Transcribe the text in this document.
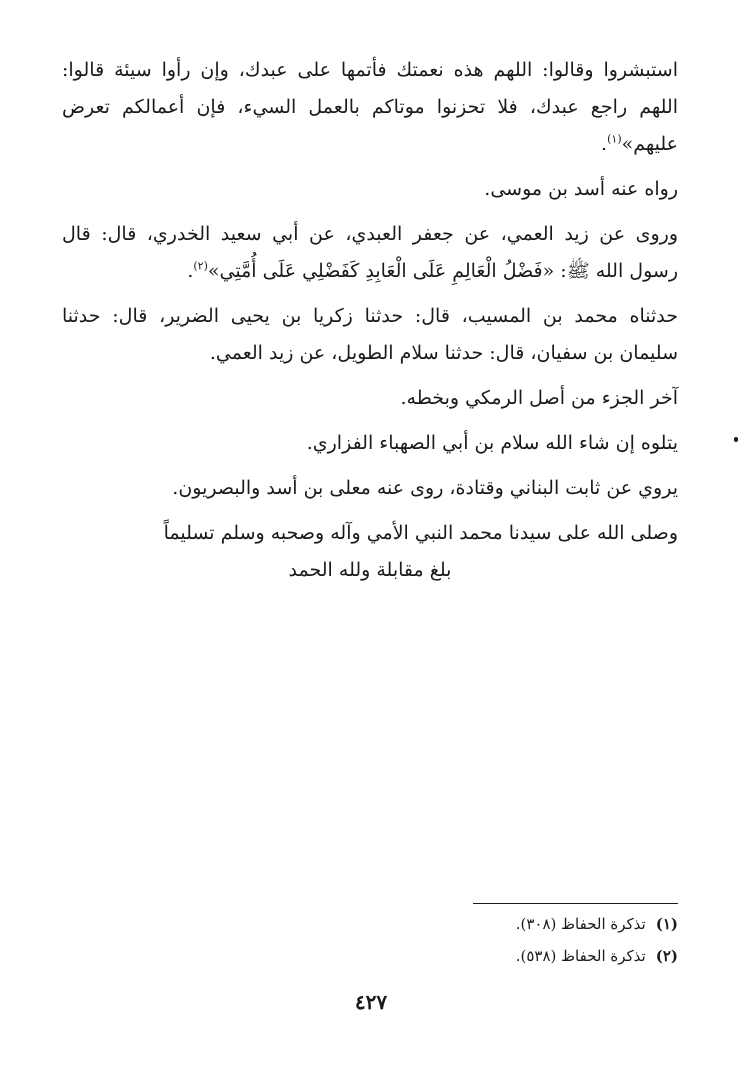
استبشروا وقالوا: اللهم هذه نعمتك فأتمها على عبدك، وإن رأوا سيئة قالوا: اللهم راجع عبدك، فلا تحزنوا موتاكم بالعمل السيء، فإن أعمالكم تعرض عليهم»$^{(١)}$.

رواه عنه أسد بن موسى.

وروى عن زيد العمي، عن جعفر العبدي، عن أبي سعيد الخدري، قال: قال رسول الله ﷺ: «فَضْلُ الْعَالِمِ عَلَى الْعَابِدِ كَفَضْلِي عَلَى أُمَّتِي»$^{(٢)}$.

حدثناه محمد بن المسيب، قال: حدثنا زكريا بن يحيى الضرير، قال: حدثنا سليمان بن سفيان، قال: حدثنا سلام الطويل، عن زيد العمي.

آخر الجزء من أصل الرمكي وبخطه.

يتلوه إن شاء الله سلام بن أبي الصهباء الفزاري.

يروي عن ثابت البناني وقتادة، روى عنه معلى بن أسد والبصريون.

وصلى الله على سيدنا محمد النبي الأمي وآله وصحبه وسلم تسليماً

بلغ مقابلة ولله الحمد

(١)تذكرة الحفاظ (٣٠٨).

(٢)تذكرة الحفاظ (٥٣٨).

٤٢٧
